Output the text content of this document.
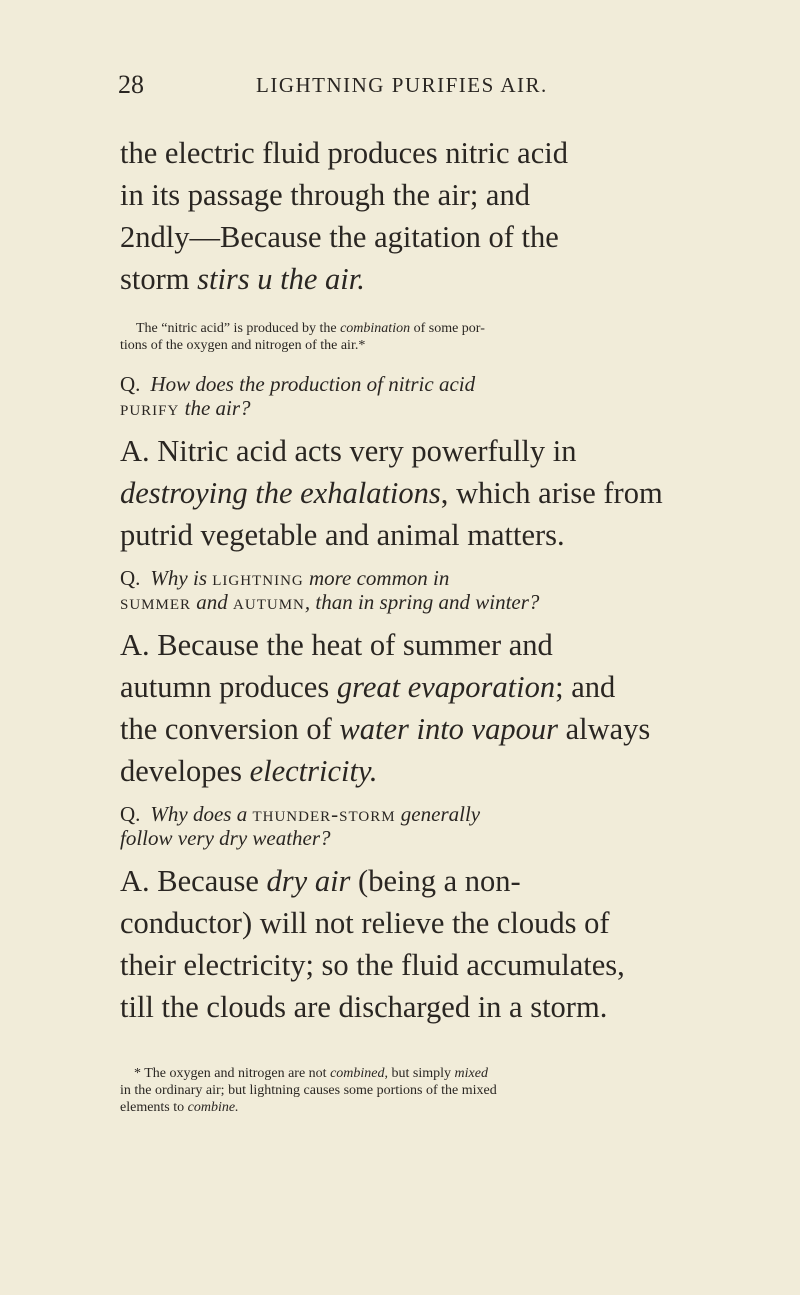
28	LIGHTNING PURIFIES AIR.

the electric fluid produces nitric acid

in its passage through the air; and

2ndly—Because the agitation of the

storm stirs u the air.

The “nitric acid” is produced by the combination of some por-

tions of the oxygen and nitrogen of the air.*

Q. How does the production of nitric acid

purify the air?

A. Nitric acid acts very powerfully in

destroying the exhalations, which arise from

putrid vegetable and animal matters.

Q. Why is lightning more common in

summer and autumn, than in spring and winter?

A. Because the heat of summer and

autumn produces great evaporation; and

the conversion of water into vapour always

developes electricity.

Q. Why does a thunder-storm generally

follow very dry weather?

A. Because dry air (being a non-

conductor) will not relieve the clouds of

their electricity; so the fluid accumulates,

till the clouds are discharged in a storm.

* The oxygen and nitrogen are not combined, but simply mixed

in the ordinary air; but lightning causes some portions of the mixed

elements to combine.
